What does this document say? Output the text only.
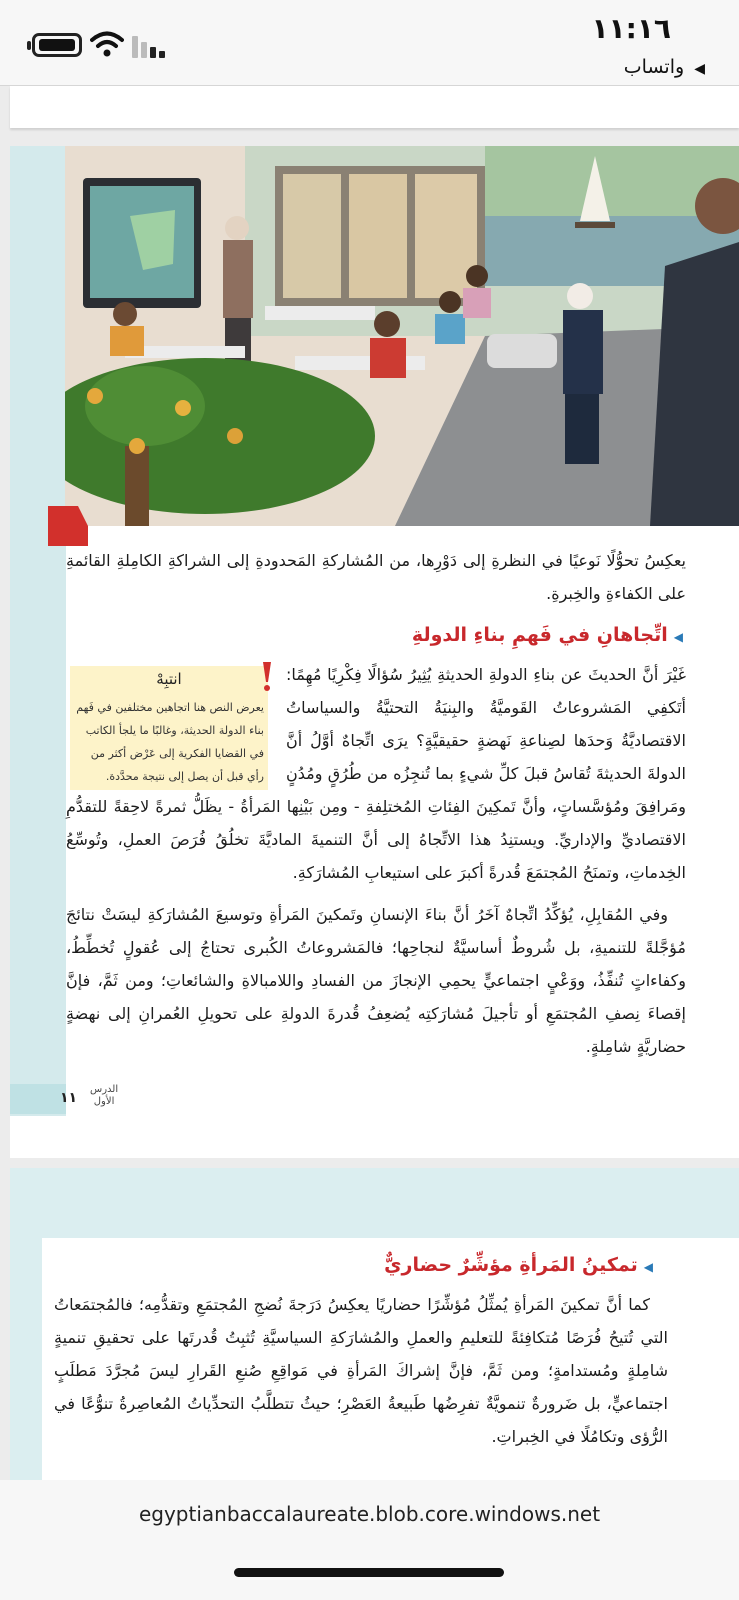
١١:١٦
واتساب ◀

يعكِسُ تحوُّلًا نَوعيًا في النظرةِ إلى دَوْرِها، من المُشاركةِ المَحدودةِ إلى الشراكةِ الكامِلةِ القائمةِ على الكفاءةِ والخِبرةِ.

◀اتِّجاهانِ في فَهمِ بناءِ الدولةِ

غَيْرَ أنَّ الحديثَ عن بناءِ الدولةِ الحديثةِ يُثِيرُ سُؤالًا فِكْرِيًا مُهِمًا: أتَكفِي المَشروعاتُ القَوميَّةُ والبِنيَةُ التحتيَّةُ والسياساتُ الاقتصاديَّةُ وَحدَها لصِناعةِ نَهضةٍ حقيقيَّةٍ؟ يرَى اتِّجاهٌ أوَّلُ أنَّ الدولةَ الحديثةَ تُقاسُ قبلَ كلِّ شيءٍ بما تُنجِزُه من طُرُقٍ ومُدُنٍ ومَرافِقَ ومُؤسَّساتٍ، وأنَّ تَمكِينَ الفِئاتِ المُختلِفةِ - ومِن بَيْنِها المَرأةُ - يظَلُّ ثمرةً لاحِقةً للتقدُّمِ الاقتصاديِّ والإداريِّ. ويستنِدُ هذا الاتِّجاهُ إلى أنَّ التنميةَ الماديَّةَ تخلُقُ فُرَصَ العملِ، وتُوسِّعُ الخِدماتِ، وتمنَحُ المُجتمَعَ قُدرةً أكبرَ على استيعابِ المُشارَكةِ.

وفي المُقابِلِ، يُؤكِّدُ اتِّجاهٌ آخَرُ أنَّ بناءَ الإنسانِ وتَمكينَ المَرأةِ وتوسيعَ المُشارَكةِ ليسَتْ نتائجَ مُؤجَّلةً للتنميةِ، بل شُروطٌ أساسيَّةٌ لنجاحِها؛ فالمَشروعاتُ الكُبرى تحتاجُ إلى عُقولٍ تُخطِّطُ، وكفاءاتٍ تُنفِّذُ، ووَعْيٍ اجتماعيٍّ يحمِي الإنجازَ من الفسادِ واللامبالاةِ والشائعاتِ؛ ومن ثَمَّ، فإنَّ إقصاءَ نِصفِ المُجتمَعِ أو تأجيلَ مُشارَكتِه يُضعِفُ قُدرةَ الدولةِ على تحويلِ العُمرانِ إلى نهضةٍ حضاريَّةٍ شامِلةٍ.

انتبِهْ
يعرض النص هنا اتجاهين مختلفين في فَهم بناء الدولة الحديثة، وغالبًا ما يلجأ الكاتب في القضايا الفكرية إلى عَرْض أكثر من رأي قبل أن يصل إلى نتيجة محدَّدة.
١١
الدرس
الأول
◀تمكينُ المَرأةِ مؤشِّرٌ حضاريٌّ

كما أنَّ تمكينَ المَرأةِ يُمثِّلُ مُؤشِّرًا حضاريًا يعكِسُ دَرَجةَ نُضجِ المُجتمَعِ وتقدُّمِه؛ فالمُجتمَعاتُ التي تُتيحُ فُرَصًا مُتكافِئةً للتعليمِ والعملِ والمُشارَكةِ السياسيَّةِ تُثبِتُ قُدرتَها على تحقيقِ تنميةٍ شامِلةٍ ومُستدامةٍ؛ ومن ثَمَّ، فإنَّ إشراكَ المَرأةِ في مَواقِعِ صُنعِ القَرارِ ليسَ مُجرَّدَ مَطلَبٍ اجتماعيٍّ، بل ضَرورةٌ تنمويَّةٌ تفرِضُها طَبيعةُ العَصْرِ؛ حيثُ تتطلَّبُ التحدِّياتُ المُعاصِرةُ تنوُّعًا في الرُّؤى وتكامُلًا في الخِبراتِ.

egyptianbaccalaureate.blob.core.windows.net
